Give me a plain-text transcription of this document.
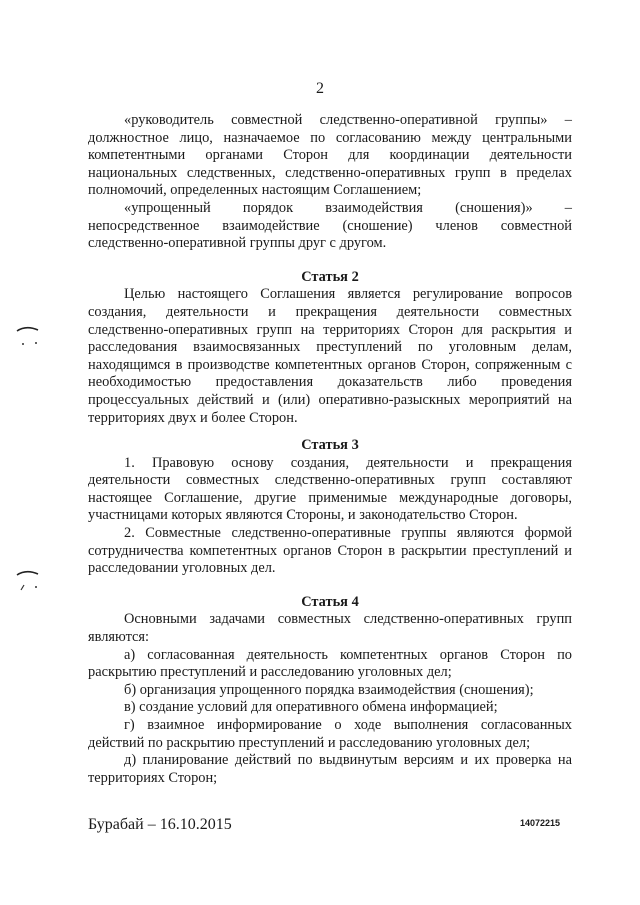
2

«руководитель совместной следственно-оперативной группы» – должностное лицо, назначаемое по согласованию между центральными компетентными органами Сторон для координации деятельности национальных следственных, следственно-оперативных групп в пределах полномочий, определенных настоящим Соглашением;

«упрощенный порядок взаимодействия (сношения)» – непосредственное взаимодействие (сношение) членов совместной следственно-оперативной группы друг с другом.

Статья 2

Целью настоящего Соглашения является регулирование вопросов создания, деятельности и прекращения деятельности совместных следственно-оперативных групп на территориях Сторон для раскрытия и расследования взаимосвязанных преступлений по уголовным делам, находящимся в производстве компетентных органов Сторон, сопряженным с необходимостью предоставления доказательств либо проведения процессуальных действий и (или) оперативно-разыскных мероприятий на территориях двух и более Сторон.

Статья 3

1. Правовую основу создания, деятельности и прекращения деятельности совместных следственно-оперативных групп составляют настоящее Соглашение, другие применимые международные договоры, участницами которых являются Стороны, и законодательство Сторон.

2. Совместные следственно-оперативные группы являются формой сотрудничества компетентных органов Сторон в раскрытии преступлений и расследовании уголовных дел.

Статья 4

Основными задачами совместных следственно-оперативных групп являются:

а) согласованная деятельность компетентных органов Сторон по раскрытию преступлений и расследованию уголовных дел;

б) организация упрощенного порядка взаимодействия (сношения);

в) создание условий для оперативного обмена информацией;

г) взаимное информирование о ходе выполнения согласованных действий по раскрытию преступлений и расследованию уголовных дел;

д) планирование действий по выдвинутым версиям и их проверка на территориях Сторон;

Бурабай – 16.10.2015	14072215
